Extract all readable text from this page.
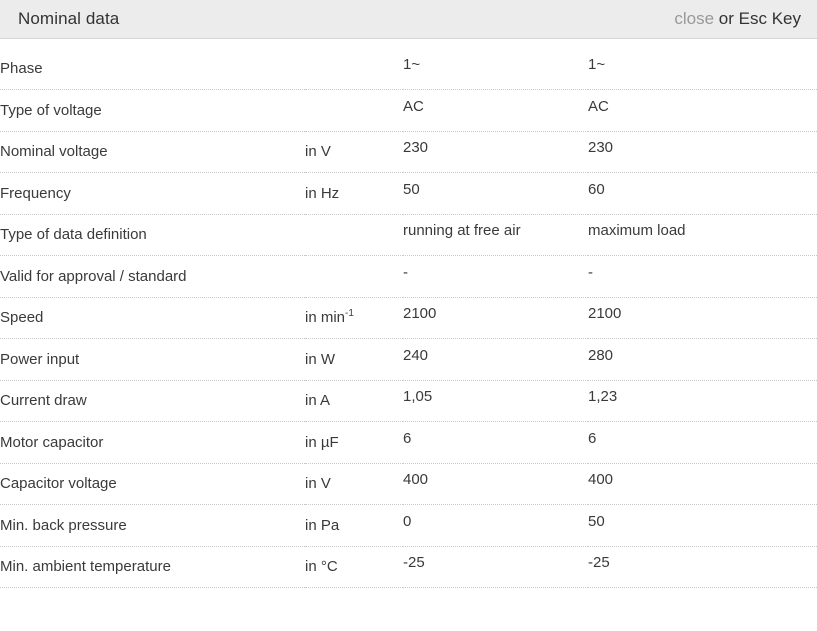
Nominal data	close or Esc Key
Phase		1~	1~
Type of voltage		AC	AC
Nominal voltage	in V	230	230
Frequency	in Hz	50	60
Type of data definition		running at free air	maximum load
Valid for approval / standard		-	-
Speed	in $\min^{-1}$	2100	2100
Power input	in W	240	280
Current draw	in A	1,05	1,23
Motor capacitor	in µF	6	6
Capacitor voltage	in V	400	400
Min. back pressure	in Pa	0	50
Min. ambient temperature	in °C	-25	-25
